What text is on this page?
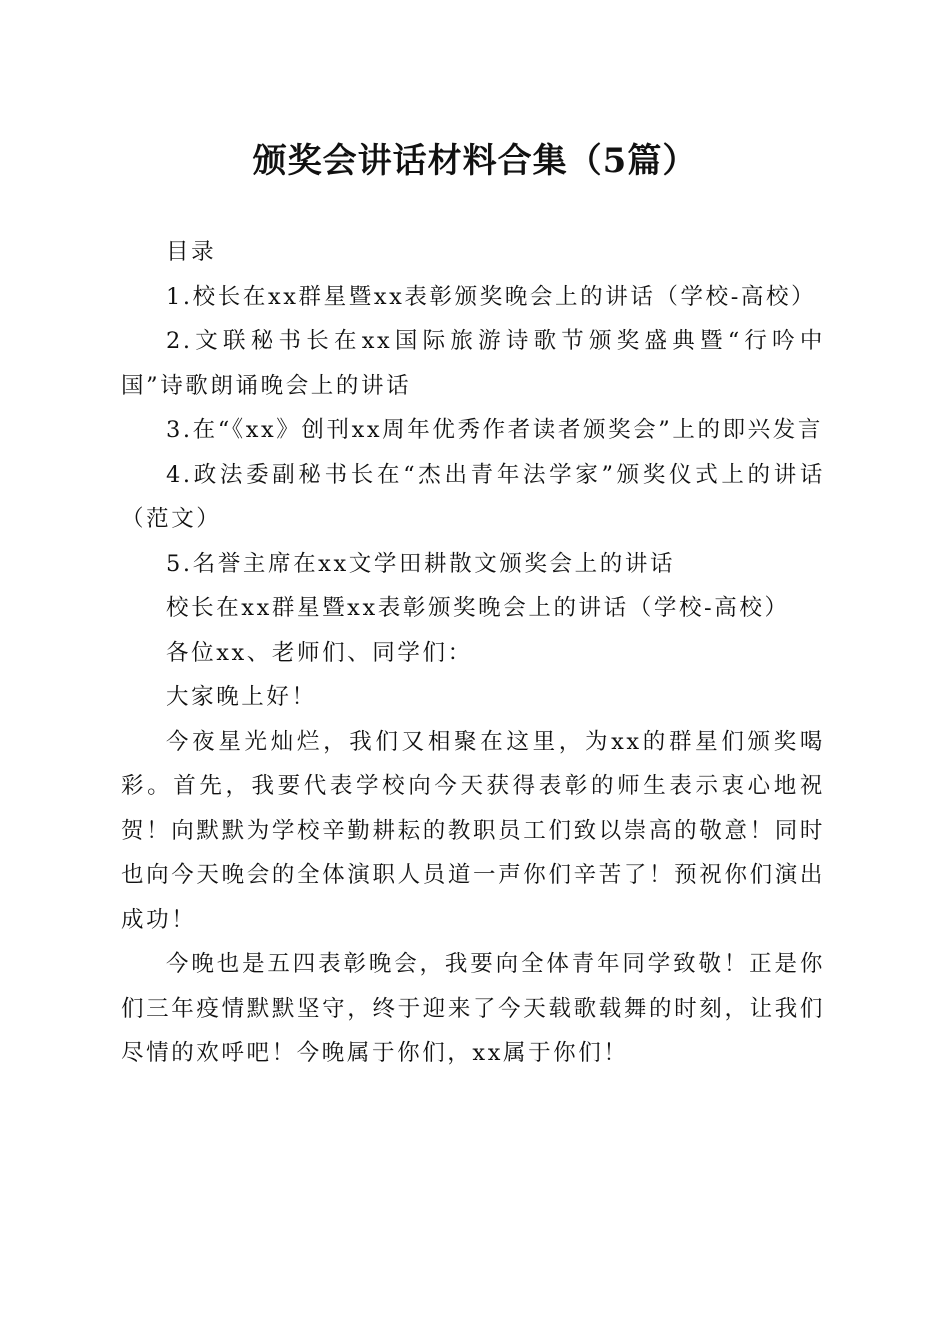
颁奖会讲话材料合集（5篇）

目录

1.校长在xx群星暨xx表彰颁奖晚会上的讲话（学校-高校）

2.文联秘书长在xx国际旅游诗歌节颁奖盛典暨“行吟中国”诗歌朗诵晚会上的讲话

3.在“《xx》创刊xx周年优秀作者读者颁奖会”上的即兴发言

4.政法委副秘书长在“杰出青年法学家”颁奖仪式上的讲话（范文）

5.名誉主席在xx文学田耕散文颁奖会上的讲话

校长在xx群星暨xx表彰颁奖晚会上的讲话（学校-高校）

各位xx、老师们、同学们：

大家晚上好！

今夜星光灿烂，我们又相聚在这里，为xx的群星们颁奖喝彩。首先，我要代表学校向今天获得表彰的师生表示衷心地祝贺！向默默为学校辛勤耕耘的教职员工们致以崇高的敬意！同时也向今天晚会的全体演职人员道一声你们辛苦了！预祝你们演出成功！

今晚也是五四表彰晚会，我要向全体青年同学致敬！正是你们三年疫情默默坚守，终于迎来了今天载歌载舞的时刻，让我们尽情的欢呼吧！今晚属于你们，xx属于你们！
